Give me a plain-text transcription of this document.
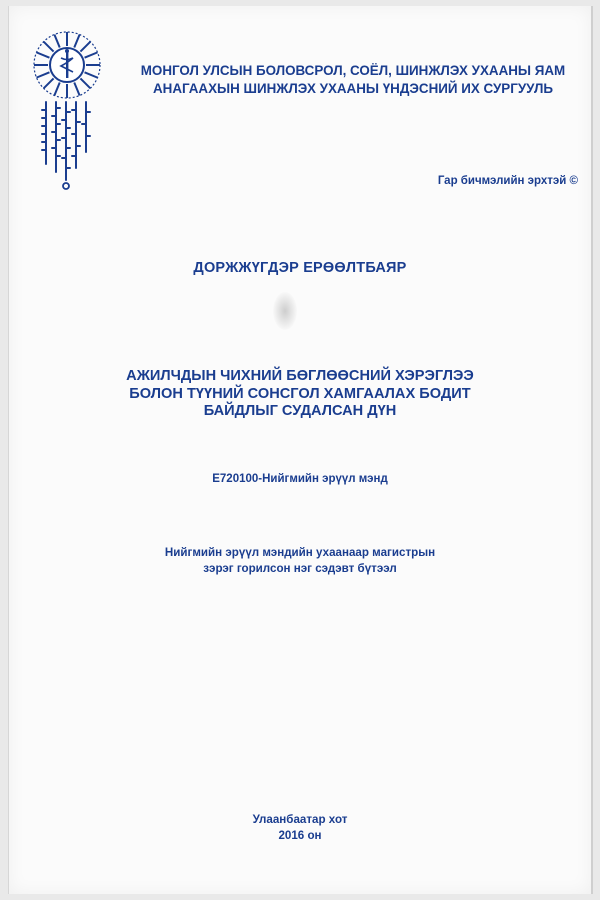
МОНГОЛ УЛСЫН БОЛОВСРОЛ, СОЁЛ, ШИНЖЛЭХ УХААНЫ ЯАМ
АНАГААХЫН ШИНЖЛЭХ УХААНЫ ҮНДЭСНИЙ ИХ СУРГУУЛЬ
Гар бичмэлийн эрхтэй ©
ДОРЖЖҮГДЭР ЕРӨӨЛТБАЯР
АЖИЛЧДЫН ЧИХНИЙ БӨГЛӨӨСНИЙ ХЭРЭГЛЭЭ
БОЛОН ТҮҮНИЙ СОНСГОЛ ХАМГААЛАХ БОДИТ
БАЙДЛЫГ СУДАЛСАН ДҮН
E720100-Нийгмийн эрүүл мэнд
Нийгмийн эрүүл мэндийн ухаанаар магистрын
зэрэг горилсон нэг сэдэвт бүтээл
Улаанбаатар хот
2016 он
